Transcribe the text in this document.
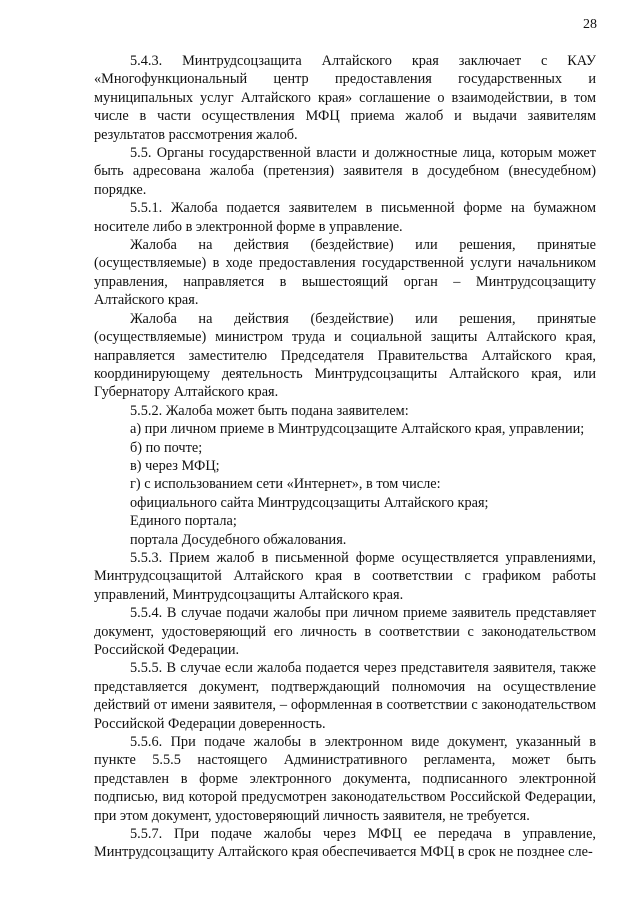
28

5.4.3. Минтрудсоцзащита Алтайского края заключает с КАУ «Многофункциональный центр предоставления государственных и муниципальных услуг Алтайского края» соглашение о взаимодействии, в том числе в части осуществления МФЦ приема жалоб и выдачи заявителям результатов рассмотрения жалоб.

5.5. Органы государственной власти и должностные лица, которым может быть адресована жалоба (претензия) заявителя в досудебном (внесудебном) порядке.

5.5.1. Жалоба подается заявителем в письменной форме на бумажном носителе либо в электронной форме в управление.

Жалоба на действия (бездействие) или решения, принятые (осуществляемые) в ходе предоставления государственной услуги начальником управления, направляется в вышестоящий орган – Минтрудсоцзащиту Алтайского края.

Жалоба на действия (бездействие) или решения, принятые (осуществляемые) министром труда и социальной защиты Алтайского края, направляется заместителю Председателя Правительства Алтайского края, координирующему деятельность Минтрудсоцзащиты Алтайского края, или Губернатору Алтайского края.

5.5.2. Жалоба может быть подана заявителем:

а) при личном приеме в Минтрудсоцзащите Алтайского края, управлении;

б) по почте;

в) через МФЦ;

г) с использованием сети «Интернет», в том числе:

официального сайта Минтрудсоцзащиты Алтайского края;

Единого портала;

портала Досудебного обжалования.

5.5.3. Прием жалоб в письменной форме осуществляется управлениями, Минтрудсоцзащитой Алтайского края в соответствии с графиком работы управлений, Минтрудсоцзащиты Алтайского края.

5.5.4. В случае подачи жалобы при личном приеме заявитель представляет документ, удостоверяющий его личность в соответствии с законодательством Российской Федерации.

5.5.5. В случае если жалоба подается через представителя заявителя, также представляется документ, подтверждающий полномочия на осуществление действий от имени заявителя, – оформленная в соответствии с законодательством Российской Федерации доверенность.

5.5.6. При подаче жалобы в электронном виде документ, указанный в пункте 5.5.5 настоящего Административного регламента, может быть представлен в форме электронного документа, подписанного электронной подписью, вид которой предусмотрен законодательством Российской Федерации, при этом документ, удостоверяющий личность заявителя, не требуется.

5.5.7. При подаче жалобы через МФЦ ее передача в управление, Минтрудсоцзащиту Алтайского края обеспечивается МФЦ в срок не позднее сле-
